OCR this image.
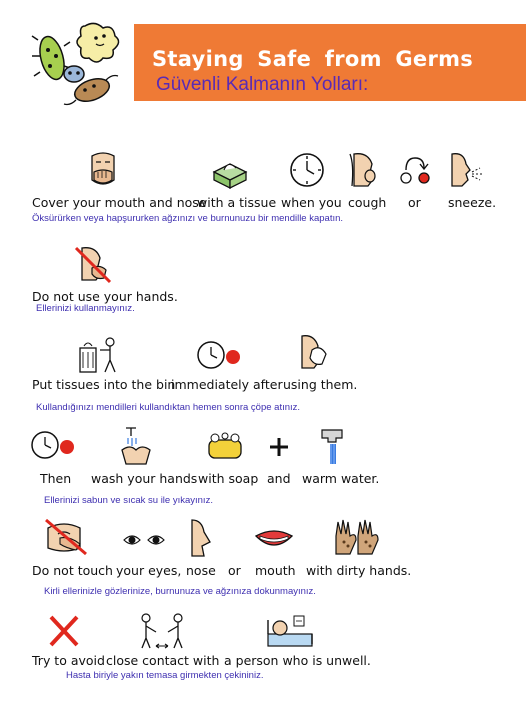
Staying Safe from Germs
Güvenli Kalmanın Yolları:
Cover your mouth and nose
with a tissue when you cough or sneeze.
Öksürürken veya hapşururken ağzınızı ve burnunuzu bir mendille kapatın.
Do not use your hands.
Ellerinizi kullanmayınız.
Put tissues into the bin
immediately after using them.
Kullandığınızı mendilleri kullandıktan hemen sonra çöpe atınız.
Then wash your hands with soap and warm water.
Ellerinizi sabun ve sıcak su ile yıkayınız.
Do not touch your eyes, nose or mouth with dirty hands.
Kirli ellerinizle gözlerinize, burnunuza ve ağzınıza dokunmayınız.
Try to avoid close contact with a person who is unwell.
Hasta biriyle yakın temasa girmekten çekininiz.
